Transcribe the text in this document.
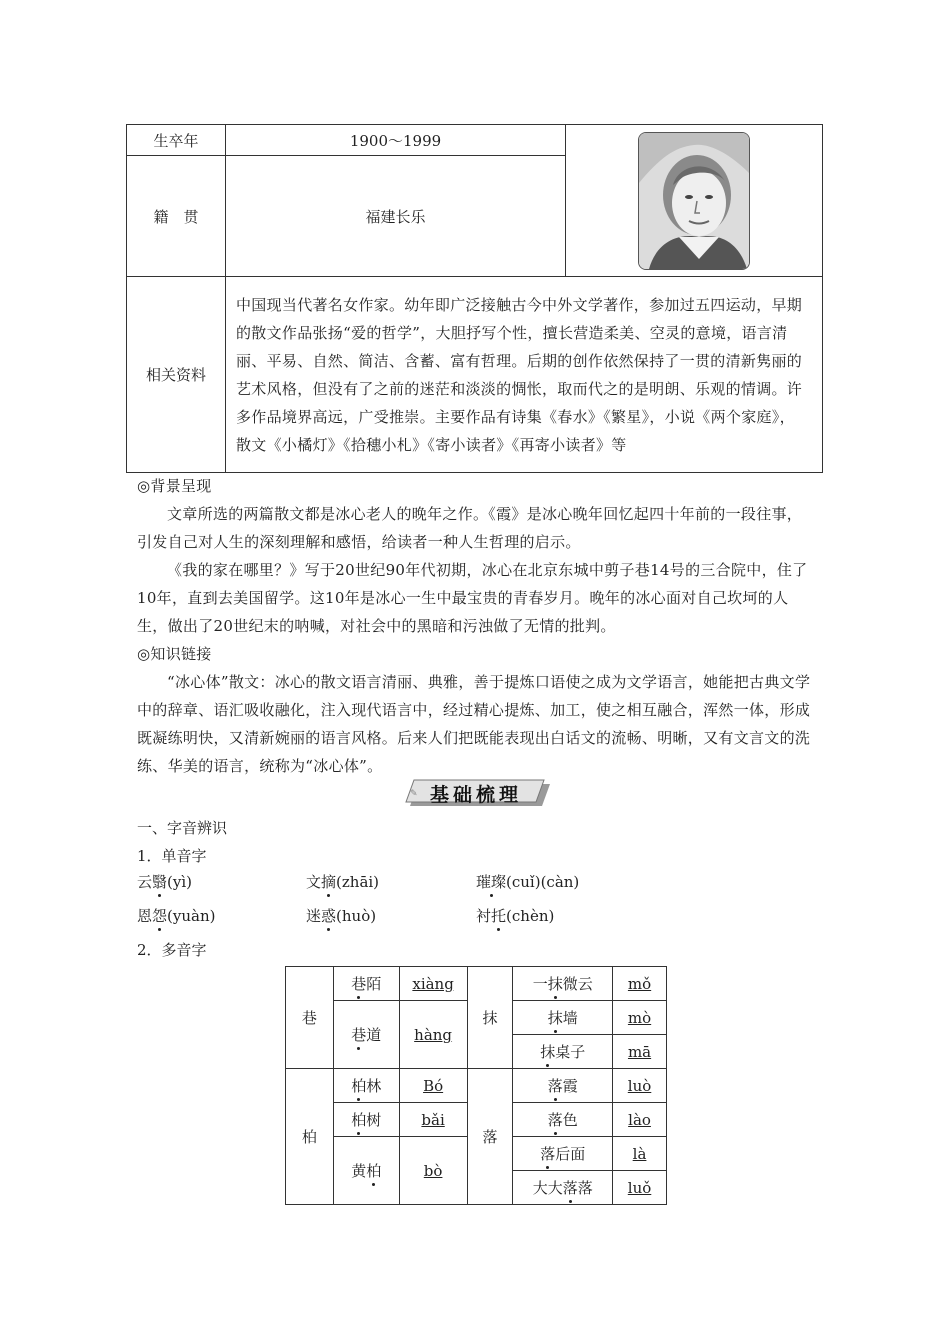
生卒年	1900～1999	

籍　贯	福建长乐	
相关资料	中国现当代著名女作家。幼年即广泛接触古今中外文学著作，参加过五四运动，早期的散文作品张扬“爱的哲学”，大胆抒写个性，擅长营造柔美、空灵的意境，语言清丽、平易、自然、简洁、含蓄、富有哲理。后期的创作依然保持了一贯的清新隽丽的艺术风格，但没有了之前的迷茫和淡淡的惆怅，取而代之的是明朗、乐观的情调。许多作品境界高远，广受推崇。主要作品有诗集《春水》《繁星》，小说《两个家庭》，散文《小橘灯》《拾穗小札》《寄小读者》《再寄小读者》等	

◎背景呈现

文章所选的两篇散文都是冰心老人的晚年之作。《霞》是冰心晚年回忆起四十年前的一段往事，引发自己对人生的深刻理解和感悟，给读者一种人生哲理的启示。

《我的家在哪里？》写于20世纪90年代初期，冰心在北京东城中剪子巷14号的三合院中，住了10年，直到去美国留学。这10年是冰心一生中最宝贵的青春岁月。晚年的冰心面对自己坎坷的人生，做出了20世纪末的呐喊，对社会中的黑暗和污浊做了无情的批判。

◎知识链接

“冰心体”散文：冰心的散文语言清丽、典雅，善于提炼口语使之成为文学语言，她能把古典文学中的辞章、语汇吸收融化，注入现代语言中，经过精心提炼、加工，使之相互融合，浑然一体，形成既凝练明快，又清新婉丽的语言风格。后来人们把既能表现出白话文的流畅、明晰，又有文言文的洗练、华美的语言，统称为“冰心体”。

✎ 基础梳理
一、字音辨识
1．单音字
云翳(yì)	文摘(zhāi)	璀璨(cuǐ)(càn)
恩怨(yuàn)	迷惑(huò)	衬托(chèn)
2．多音字
巷	巷陌	xiàng	抹	一抹微云	mǒ
	巷道	hàng		抹墙	mò
				抹桌子	mā
柏	柏林	Bó	落	落霞	luò
	柏树	bǎi		落色	lào
	黄柏	bò		落后面	là
				大大落落	luǒ
